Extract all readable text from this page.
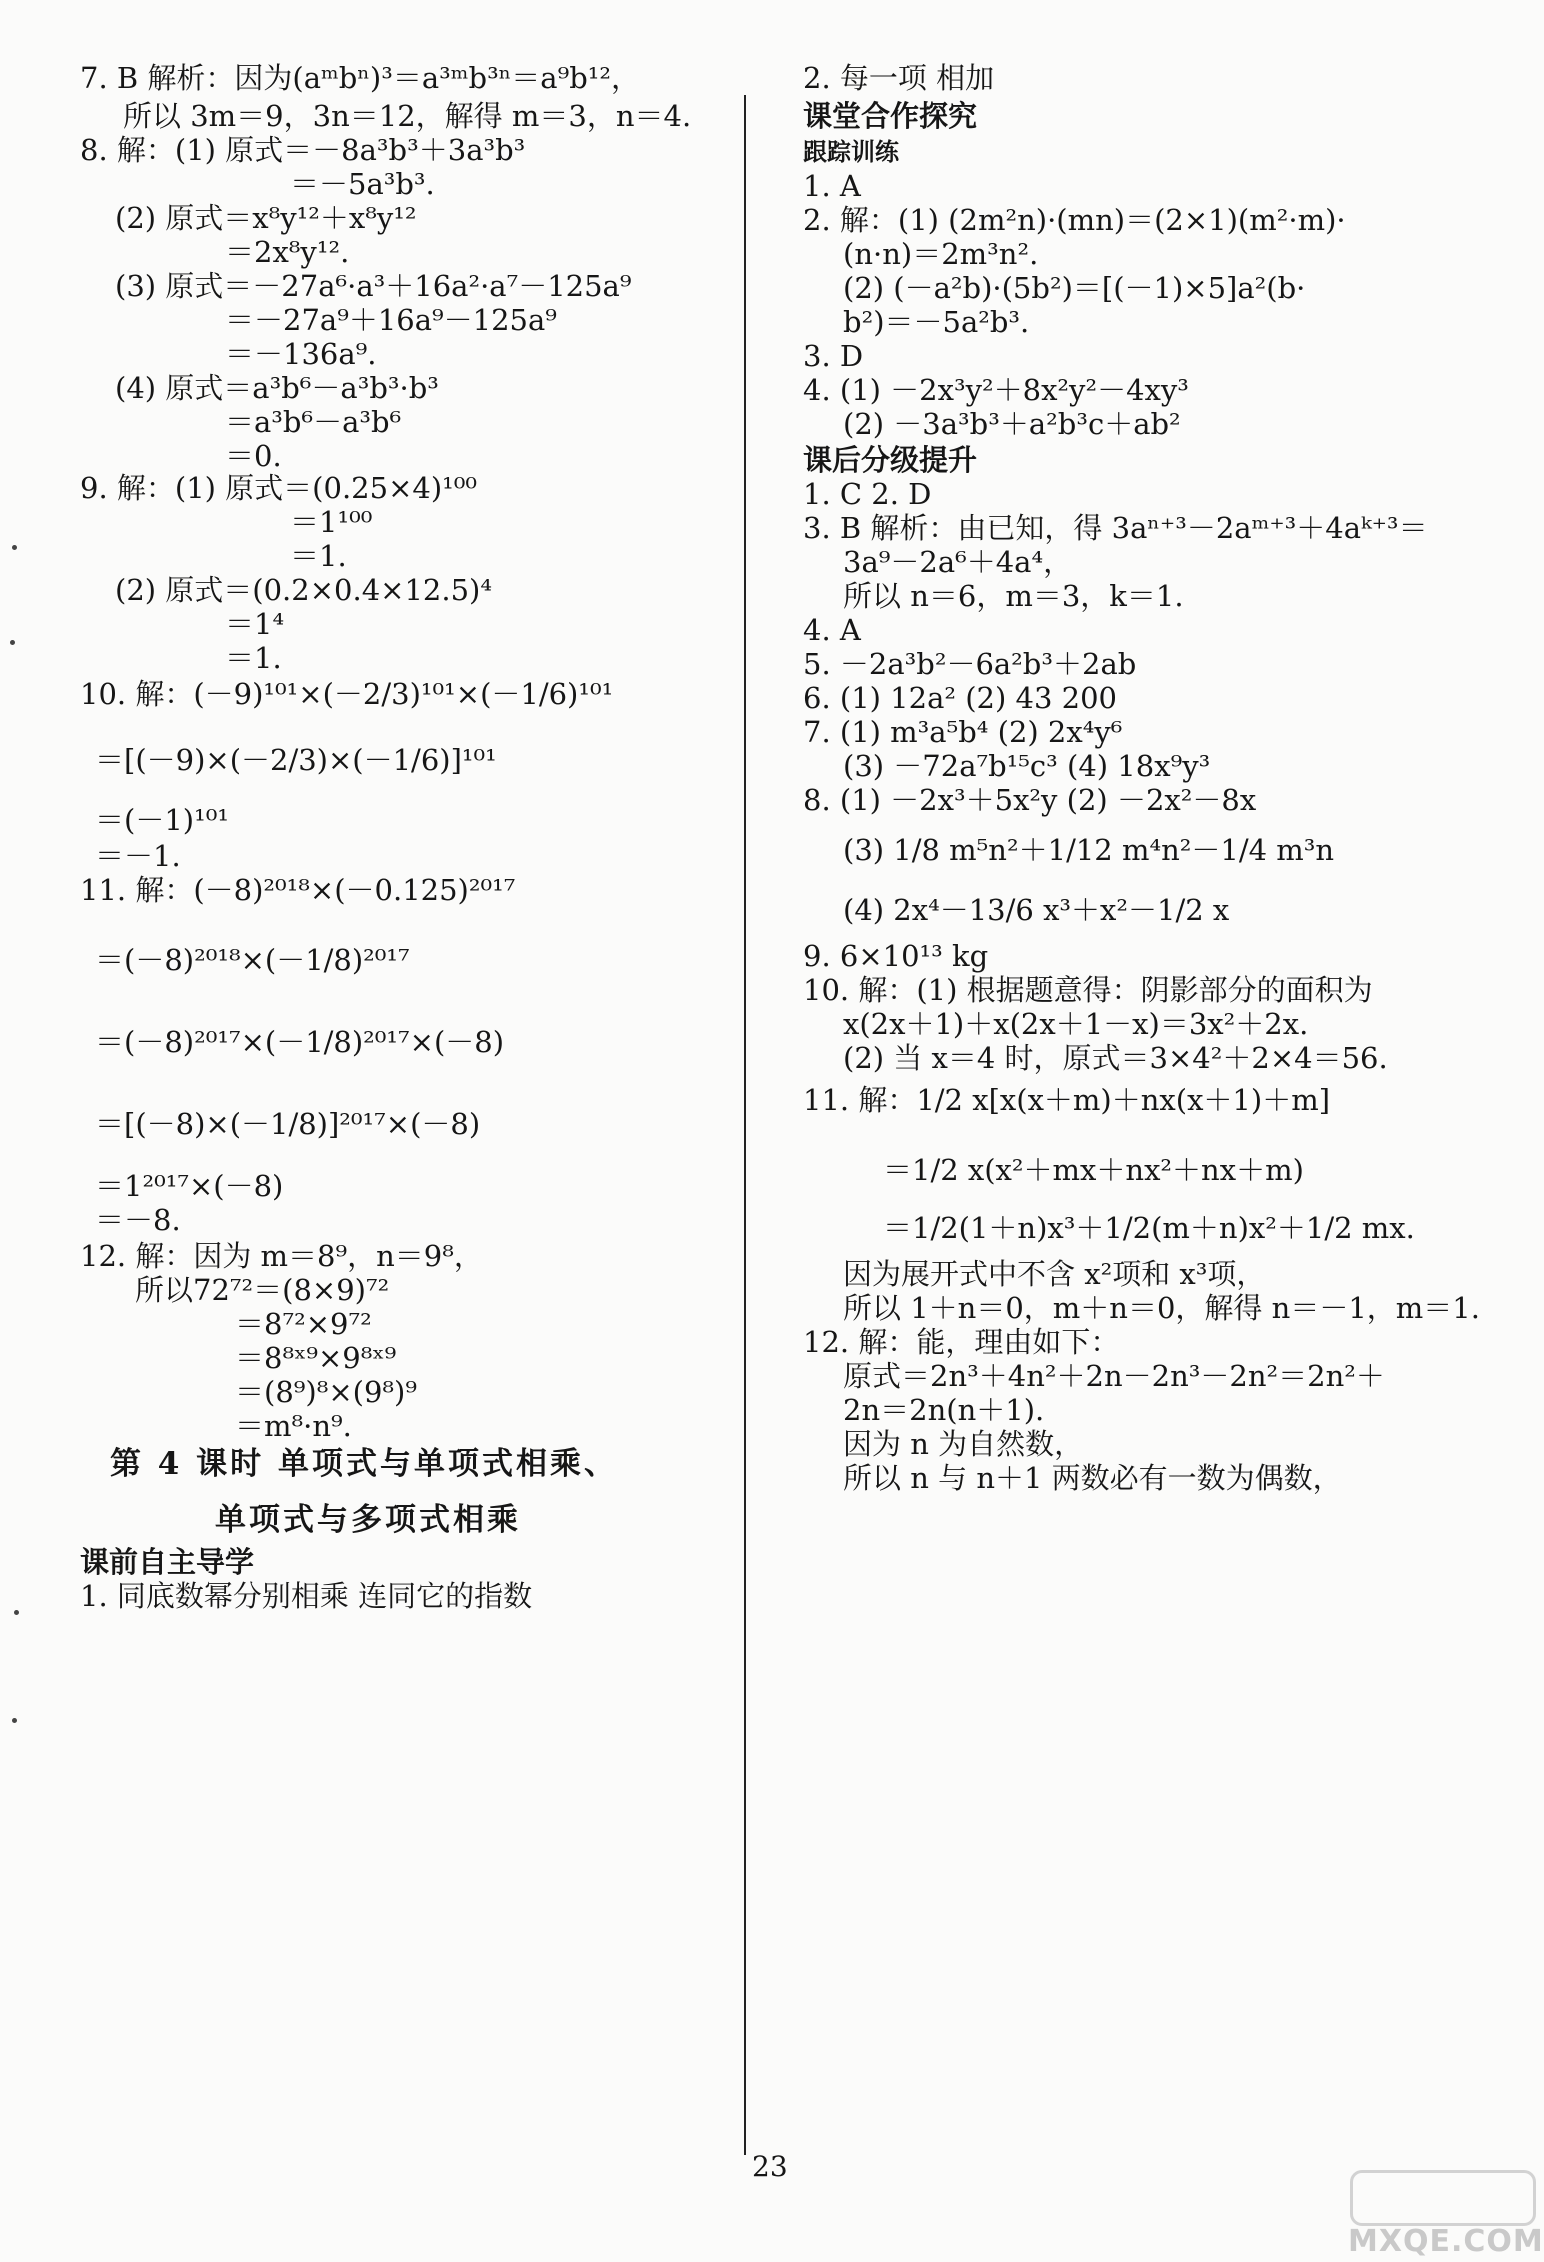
7. B 解析：因为(aᵐbⁿ)³＝a³ᵐb³ⁿ＝a⁹b¹²，
所以 3m＝9，3n＝12，解得 m＝3，n＝4.
8. 解：(1) 原式＝－8a³b³＋3a³b³
＝－5a³b³.
(2) 原式＝x⁸y¹²＋x⁸y¹²
＝2x⁸y¹².
(3) 原式＝－27a⁶·a³＋16a²·a⁷－125a⁹
＝－27a⁹＋16a⁹－125a⁹
＝－136a⁹.
(4) 原式＝a³b⁶－a³b³·b³
＝a³b⁶－a³b⁶
＝0.
9. 解：(1) 原式＝(0.25×4)¹⁰⁰
＝1¹⁰⁰
＝1.
(2) 原式＝(0.2×0.4×12.5)⁴
＝1⁴
＝1.
10. 解：(－9)¹⁰¹×(－2/3)¹⁰¹×(－1/6)¹⁰¹
＝[(－9)×(－2/3)×(－1/6)]¹⁰¹
＝(－1)¹⁰¹
＝－1.
11. 解：(－8)²⁰¹⁸×(－0.125)²⁰¹⁷
＝(－8)²⁰¹⁸×(－1/8)²⁰¹⁷
＝(－8)²⁰¹⁷×(－1/8)²⁰¹⁷×(－8)
＝[(－8)×(－1/8)]²⁰¹⁷×(－8)
＝1²⁰¹⁷×(－8)
＝－8.
12. 解：因为 m＝8⁹，n＝9⁸，
所以72⁷²＝(8×9)⁷²
＝8⁷²×9⁷²
＝8⁸ˣ⁹×9⁸ˣ⁹
＝(8⁹)⁸×(9⁸)⁹
＝m⁸·n⁹.
第 4 课时 单项式与单项式相乘、
单项式与多项式相乘
课前自主导学
1. 同底数幂分别相乘 连同它的指数
2. 每一项 相加
课堂合作探究
跟踪训练
1. A
2. 解：(1) (2m²n)·(mn)＝(2×1)(m²·m)·
(n·n)＝2m³n².
(2) (－a²b)·(5b²)＝[(－1)×5]a²(b·
b²)＝－5a²b³.
3. D
4. (1) －2x³y²＋8x²y²－4xy³
(2) －3a³b³＋a²b³c＋ab²
课后分级提升
1. C 2. D
3. B 解析：由已知，得 3aⁿ⁺³－2aᵐ⁺³＋4aᵏ⁺³＝
3a⁹－2a⁶＋4a⁴，
所以 n＝6，m＝3，k＝1.
4. A
5. －2a³b²－6a²b³＋2ab
6. (1) 12a² (2) 43 200
7. (1) m³a⁵b⁴ (2) 2x⁴y⁶
(3) －72a⁷b¹⁵c³ (4) 18x⁹y³
8. (1) －2x³＋5x²y (2) －2x²－8x
(3) 1/8 m⁵n²＋1/12 m⁴n²－1/4 m³n
(4) 2x⁴－13/6 x³＋x²－1/2 x
9. 6×10¹³ kg
10. 解：(1) 根据题意得：阴影部分的面积为
x(2x＋1)＋x(2x＋1－x)＝3x²＋2x.
(2) 当 x＝4 时，原式＝3×4²＋2×4＝56.
11. 解：1/2 x[x(x＋m)＋nx(x＋1)＋m]
＝1/2 x(x²＋mx＋nx²＋nx＋m)
＝1/2(1＋n)x³＋1/2(m＋n)x²＋1/2 mx.
因为展开式中不含 x²项和 x³项，
所以 1＋n＝0，m＋n＝0，解得 n＝－1，m＝1.
12. 解：能，理由如下：
原式＝2n³＋4n²＋2n－2n³－2n²＝2n²＋
2n＝2n(n＋1).
因为 n 为自然数，
所以 n 与 n＋1 两数必有一数为偶数，
23
MXQE.COM
